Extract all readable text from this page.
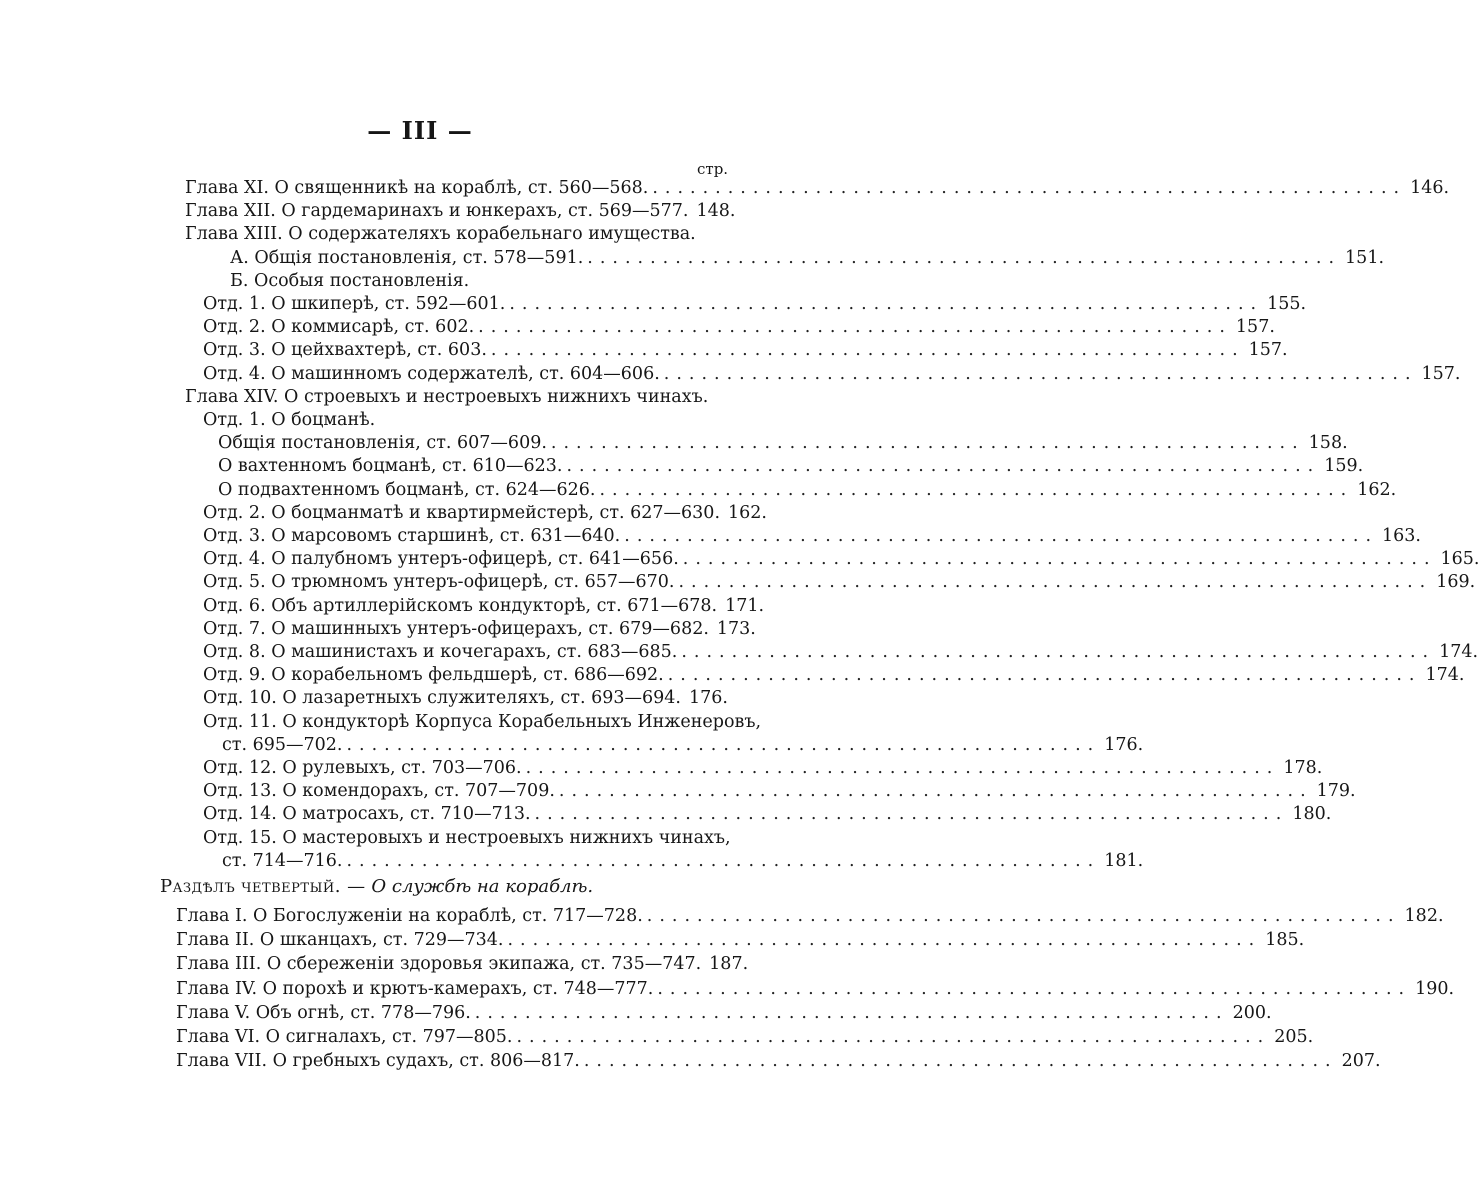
— III —
стр.
Глава XI. О священникѣ на кораблѣ, ст. 560—568. ............................................................ 146.
Глава XII. О гардемаринахъ и юнкерахъ, ст. 569—577. 148.
Глава XIII. О содержателяхъ корабельнаго имущества.
А. Общія постановленія, ст. 578—591. ............................................................ 151.
Б. Особыя постановленія.
Отд. 1. О шкиперѣ, ст. 592—601. ............................................................ 155.
Отд. 2. О коммисарѣ, ст. 602. ............................................................ 157.
Отд. 3. О цейхвахтерѣ, ст. 603. ............................................................ 157.
Отд. 4. О машинномъ содержателѣ, ст. 604—606. ............................................................ 157.
Глава XIV. О строевыхъ и нестроевыхъ нижнихъ чинахъ.
Отд. 1. О боцманѣ.
Общія постановленія, ст. 607—609. ............................................................ 158.
О вахтенномъ боцманѣ, ст. 610—623. ............................................................ 159.
О подвахтенномъ боцманѣ, ст. 624—626. ............................................................ 162.
Отд. 2. О боцманматѣ и квартирмейстерѣ, ст. 627—630. 162.
Отд. 3. О марсовомъ старшинѣ, ст. 631—640. ............................................................ 163.
Отд. 4. О палубномъ унтеръ-офицерѣ, ст. 641—656. ............................................................ 165.
Отд. 5. О трюмномъ унтеръ-офицерѣ, ст. 657—670. ............................................................ 169.
Отд. 6. Объ артиллерійскомъ кондукторѣ, ст. 671—678. 171.
Отд. 7. О машинныхъ унтеръ-офицерахъ, ст. 679—682. 173.
Отд. 8. О машинистахъ и кочегарахъ, ст. 683—685. ............................................................ 174.
Отд. 9. О корабельномъ фельдшерѣ, ст. 686—692. ............................................................ 174.
Отд. 10. О лазаретныхъ служителяхъ, ст. 693—694. 176.
Отд. 11. О кондукторѣ Корпуса Корабельныхъ Инженеровъ,
ст. 695—702. ............................................................ 176.
Отд. 12. О рулевыхъ, ст. 703—706. ............................................................ 178.
Отд. 13. О комендорахъ, ст. 707—709. ............................................................ 179.
Отд. 14. О матросахъ, ст. 710—713. ............................................................ 180.
Отд. 15. О мастеровыхъ и нестроевыхъ нижнихъ чинахъ,
ст. 714—716. ............................................................ 181.
Раздѣлъ четвертый. — О службѣ на кораблѣ.
Глава I. О Богослуженіи на кораблѣ, ст. 717—728. ............................................................ 182.
Глава II. О шканцахъ, ст. 729—734. ............................................................ 185.
Глава III. О сбереженіи здоровья экипажа, ст. 735—747. 187.
Глава IV. О порохѣ и крютъ-камерахъ, ст. 748—777. ............................................................ 190.
Глава V. Объ огнѣ, ст. 778—796. ............................................................ 200.
Глава VI. О сигналахъ, ст. 797—805. ............................................................ 205.
Глава VII. О гребныхъ судахъ, ст. 806—817. ............................................................ 207.
